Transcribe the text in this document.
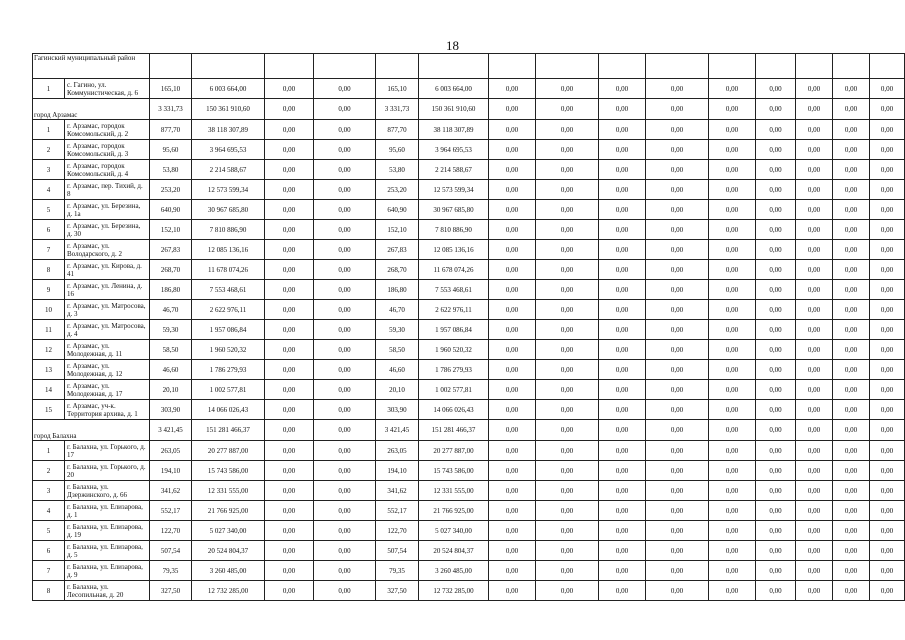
18
Гагинский муниципальный район																	
1	с. Гагино, ул. Коммунистическая, д. 6	165,10	6 003 664,00	0,00	0,00	165,10	6 003 664,00	0,00	0,00	0,00	0,00	0,00	0,00	0,00	0,00	0,00	
город Арзамас		3 331,73	150 361 910,60	0,00	0,00	3 331,73	150 361 910,60	0,00	0,00	0,00	0,00	0,00	0,00	0,00	0,00	0,00	
1	г. Арзамас, городок Комсомольский, д. 2	877,70	38 118 307,89	0,00	0,00	877,70	38 118 307,89	0,00	0,00	0,00	0,00	0,00	0,00	0,00	0,00	0,00	
2	г. Арзамас, городок Комсомольский, д. 3	95,60	3 964 695,53	0,00	0,00	95,60	3 964 695,53	0,00	0,00	0,00	0,00	0,00	0,00	0,00	0,00	0,00	
3	г. Арзамас, городок Комсомольский, д. 4	53,80	2 214 588,67	0,00	0,00	53,80	2 214 588,67	0,00	0,00	0,00	0,00	0,00	0,00	0,00	0,00	0,00	
4	г. Арзамас, пер. Тихий, д. 8	253,20	12 573 599,34	0,00	0,00	253,20	12 573 599,34	0,00	0,00	0,00	0,00	0,00	0,00	0,00	0,00	0,00	
5	г. Арзамас, ул. Березина, д. 1а	640,90	30 967 685,80	0,00	0,00	640,90	30 967 685,80	0,00	0,00	0,00	0,00	0,00	0,00	0,00	0,00	0,00	
6	г. Арзамас, ул. Березина, д. 30	152,10	7 810 886,90	0,00	0,00	152,10	7 810 886,90	0,00	0,00	0,00	0,00	0,00	0,00	0,00	0,00	0,00	
7	г. Арзамас, ул. Володарского, д. 2	267,83	12 085 136,16	0,00	0,00	267,83	12 085 136,16	0,00	0,00	0,00	0,00	0,00	0,00	0,00	0,00	0,00	
8	г. Арзамас, ул. Кирова, д. 41	268,70	11 678 074,26	0,00	0,00	268,70	11 678 074,26	0,00	0,00	0,00	0,00	0,00	0,00	0,00	0,00	0,00	
9	г. Арзамас, ул. Ленина, д. 16	186,80	7 553 468,61	0,00	0,00	186,80	7 553 468,61	0,00	0,00	0,00	0,00	0,00	0,00	0,00	0,00	0,00	
10	г. Арзамас, ул. Матросова, д. 3	46,70	2 622 976,11	0,00	0,00	46,70	2 622 976,11	0,00	0,00	0,00	0,00	0,00	0,00	0,00	0,00	0,00	
11	г. Арзамас, ул. Матросова, д. 4	59,30	1 957 086,84	0,00	0,00	59,30	1 957 086,84	0,00	0,00	0,00	0,00	0,00	0,00	0,00	0,00	0,00	
12	г. Арзамас, ул. Молодежная, д. 11	58,50	1 960 520,32	0,00	0,00	58,50	1 960 520,32	0,00	0,00	0,00	0,00	0,00	0,00	0,00	0,00	0,00	
13	г. Арзамас, ул. Молодежная, д. 12	46,60	1 786 279,93	0,00	0,00	46,60	1 786 279,93	0,00	0,00	0,00	0,00	0,00	0,00	0,00	0,00	0,00	
14	г. Арзамас, ул. Молодежная, д. 17	20,10	1 002 577,81	0,00	0,00	20,10	1 002 577,81	0,00	0,00	0,00	0,00	0,00	0,00	0,00	0,00	0,00	
15	г. Арзамас, уч-к. Территория архива, д. 1	303,90	14 066 026,43	0,00	0,00	303,90	14 066 026,43	0,00	0,00	0,00	0,00	0,00	0,00	0,00	0,00	0,00	
город Балахна		3 421,45	151 281 466,37	0,00	0,00	3 421,45	151 281 466,37	0,00	0,00	0,00	0,00	0,00	0,00	0,00	0,00	0,00	
1	г. Балахна, ул. Горького, д. 17	263,05	20 277 887,00	0,00	0,00	263,05	20 277 887,00	0,00	0,00	0,00	0,00	0,00	0,00	0,00	0,00	0,00	
2	г. Балахна, ул. Горького, д. 20	194,10	15 743 586,00	0,00	0,00	194,10	15 743 586,00	0,00	0,00	0,00	0,00	0,00	0,00	0,00	0,00	0,00	
3	г. Балахна, ул. Дзержинского, д. 66	341,62	12 331 555,00	0,00	0,00	341,62	12 331 555,00	0,00	0,00	0,00	0,00	0,00	0,00	0,00	0,00	0,00	
4	г. Балахна, ул. Елизарова, д. 1	552,17	21 766 925,00	0,00	0,00	552,17	21 766 925,00	0,00	0,00	0,00	0,00	0,00	0,00	0,00	0,00	0,00	
5	г. Балахна, ул. Елизарова, д. 19	122,70	5 027 340,00	0,00	0,00	122,70	5 027 340,00	0,00	0,00	0,00	0,00	0,00	0,00	0,00	0,00	0,00	
6	г. Балахна, ул. Елизарова, д. 5	507,54	20 524 804,37	0,00	0,00	507,54	20 524 804,37	0,00	0,00	0,00	0,00	0,00	0,00	0,00	0,00	0,00	
7	г. Балахна, ул. Елизарова, д. 9	79,35	3 260 485,00	0,00	0,00	79,35	3 260 485,00	0,00	0,00	0,00	0,00	0,00	0,00	0,00	0,00	0,00	
8	г. Балахна, ул. Лесопильная, д. 20	327,50	12 732 285,00	0,00	0,00	327,50	12 732 285,00	0,00	0,00	0,00	0,00	0,00	0,00	0,00	0,00	0,00	
